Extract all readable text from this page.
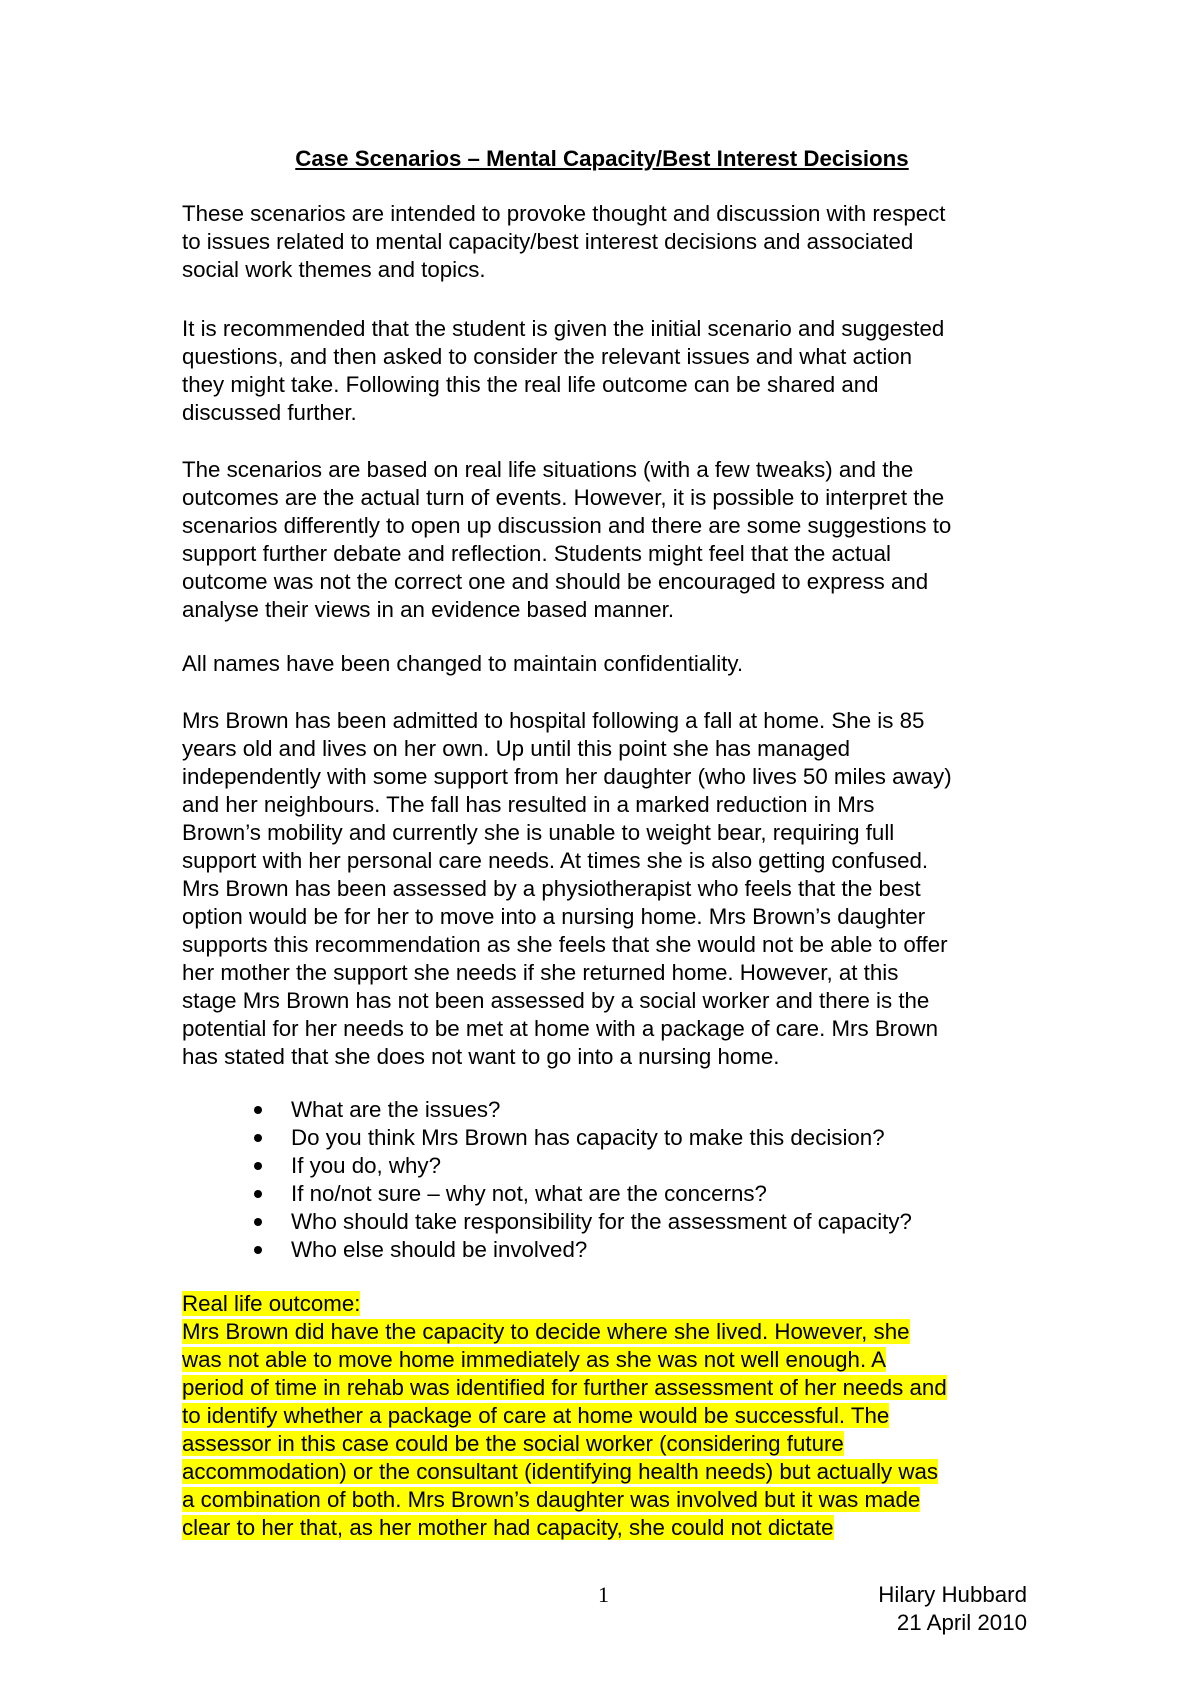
Case Scenarios – Mental Capacity/Best Interest Decisions
These scenarios are intended to provoke thought and discussion with respect
to issues related to mental capacity/best interest decisions and associated
social work themes and topics.
It is recommended that the student is given the initial scenario and suggested
questions, and then asked to consider the relevant issues and what action
they might take. Following this the real life outcome can be shared and
discussed further.
The scenarios are based on real life situations (with a few tweaks) and the
outcomes are the actual turn of events. However, it is possible to interpret the
scenarios differently to open up discussion and there are some suggestions to
support further debate and reflection. Students might feel that the actual
outcome was not the correct one and should be encouraged to express and
analyse their views in an evidence based manner.
All names have been changed to maintain confidentiality.
Mrs Brown has been admitted to hospital following a fall at home. She is 85
years old and lives on her own. Up until this point she has managed
independently with some support from her daughter (who lives 50 miles away)
and her neighbours. The fall has resulted in a marked reduction in Mrs
Brown’s mobility and currently she is unable to weight bear, requiring full
support with her personal care needs. At times she is also getting confused.
Mrs Brown has been assessed by a physiotherapist who feels that the best
option would be for her to move into a nursing home. Mrs Brown’s daughter
supports this recommendation as she feels that she would not be able to offer
her mother the support she needs if she returned home. However, at this
stage Mrs Brown has not been assessed by a social worker and there is the
potential for her needs to be met at home with a package of care. Mrs Brown
has stated that she does not want to go into a nursing home.
What are the issues?
Do you think Mrs Brown has capacity to make this decision?
If you do, why?
If no/not sure – why not, what are the concerns?
Who should take responsibility for the assessment of capacity?
Who else should be involved?
Real life outcome:
Mrs Brown did have the capacity to decide where she lived. However, she
was not able to move home immediately as she was not well enough. A
period of time in rehab was identified for further assessment of her needs and
to identify whether a package of care at home would be successful. The
assessor in this case could be the social worker (considering future
accommodation) or the consultant (identifying health needs) but actually was
a combination of both. Mrs Brown’s daughter was involved but it was made
clear to her that, as her mother had capacity, she could not dictate
1	Hilary Hubbard
21 April 2010
